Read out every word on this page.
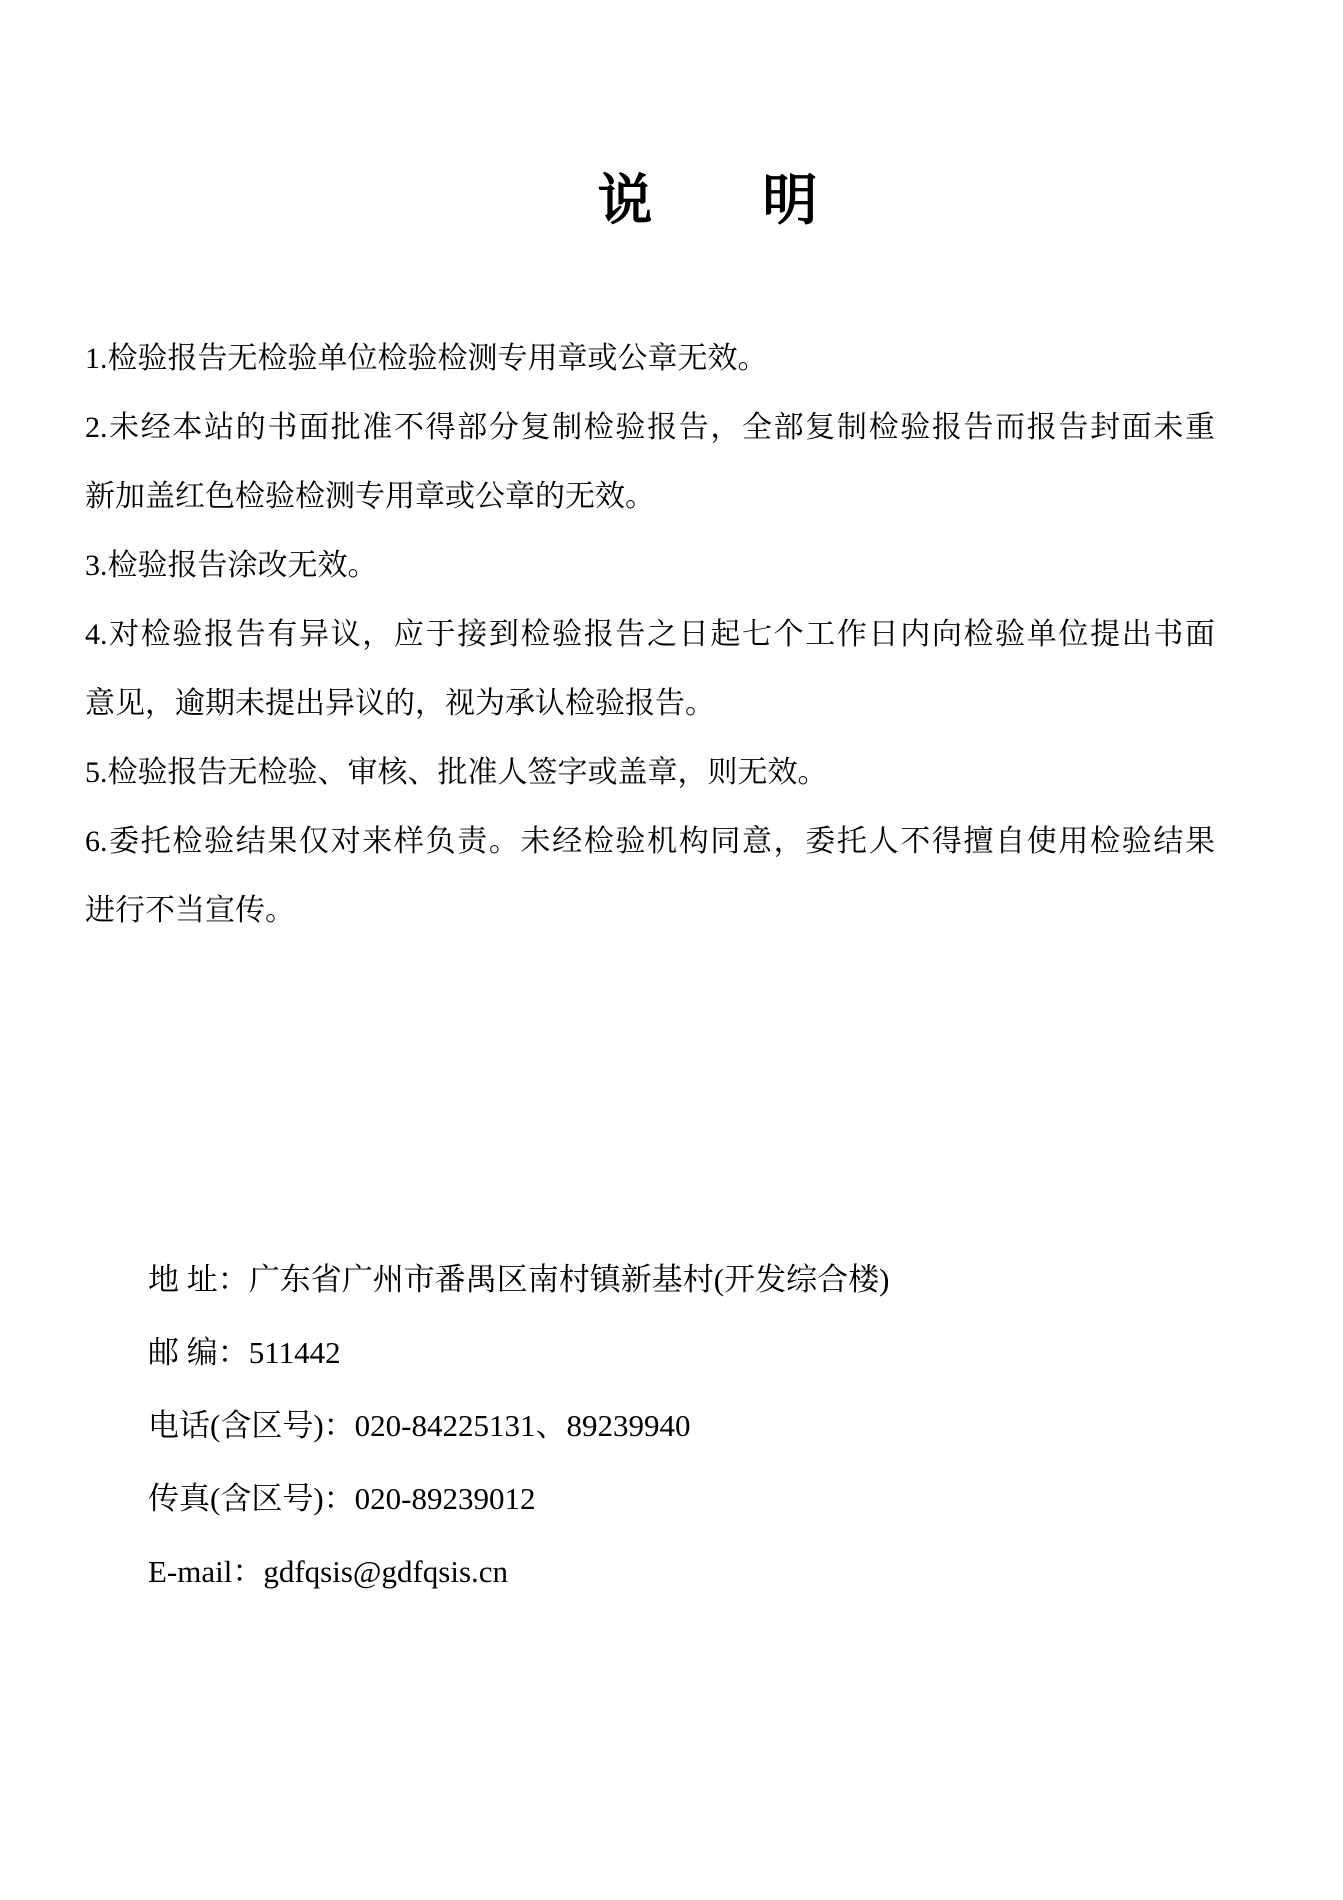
说　　明
1.检验报告无检验单位检验检测专用章或公章无效。
2.未经本站的书面批准不得部分复制检验报告，全部复制检验报告而报告封面未重
新加盖红色检验检测专用章或公章的无效。
3.检验报告涂改无效。
4.对检验报告有异议，应于接到检验报告之日起七个工作日内向检验单位提出书面
意见，逾期未提出异议的，视为承认检验报告。
5.检验报告无检验、审核、批准人签字或盖章，则无效。
6.委托检验结果仅对来样负责。未经检验机构同意，委托人不得擅自使用检验结果
进行不当宣传。
地 址：广东省广州市番禺区南村镇新基村(开发综合楼)
邮 编：511442
电话(含区号)：020-84225131、89239940
传真(含区号)：020-89239012
E-mail：gdfqsis@gdfqsis.cn
